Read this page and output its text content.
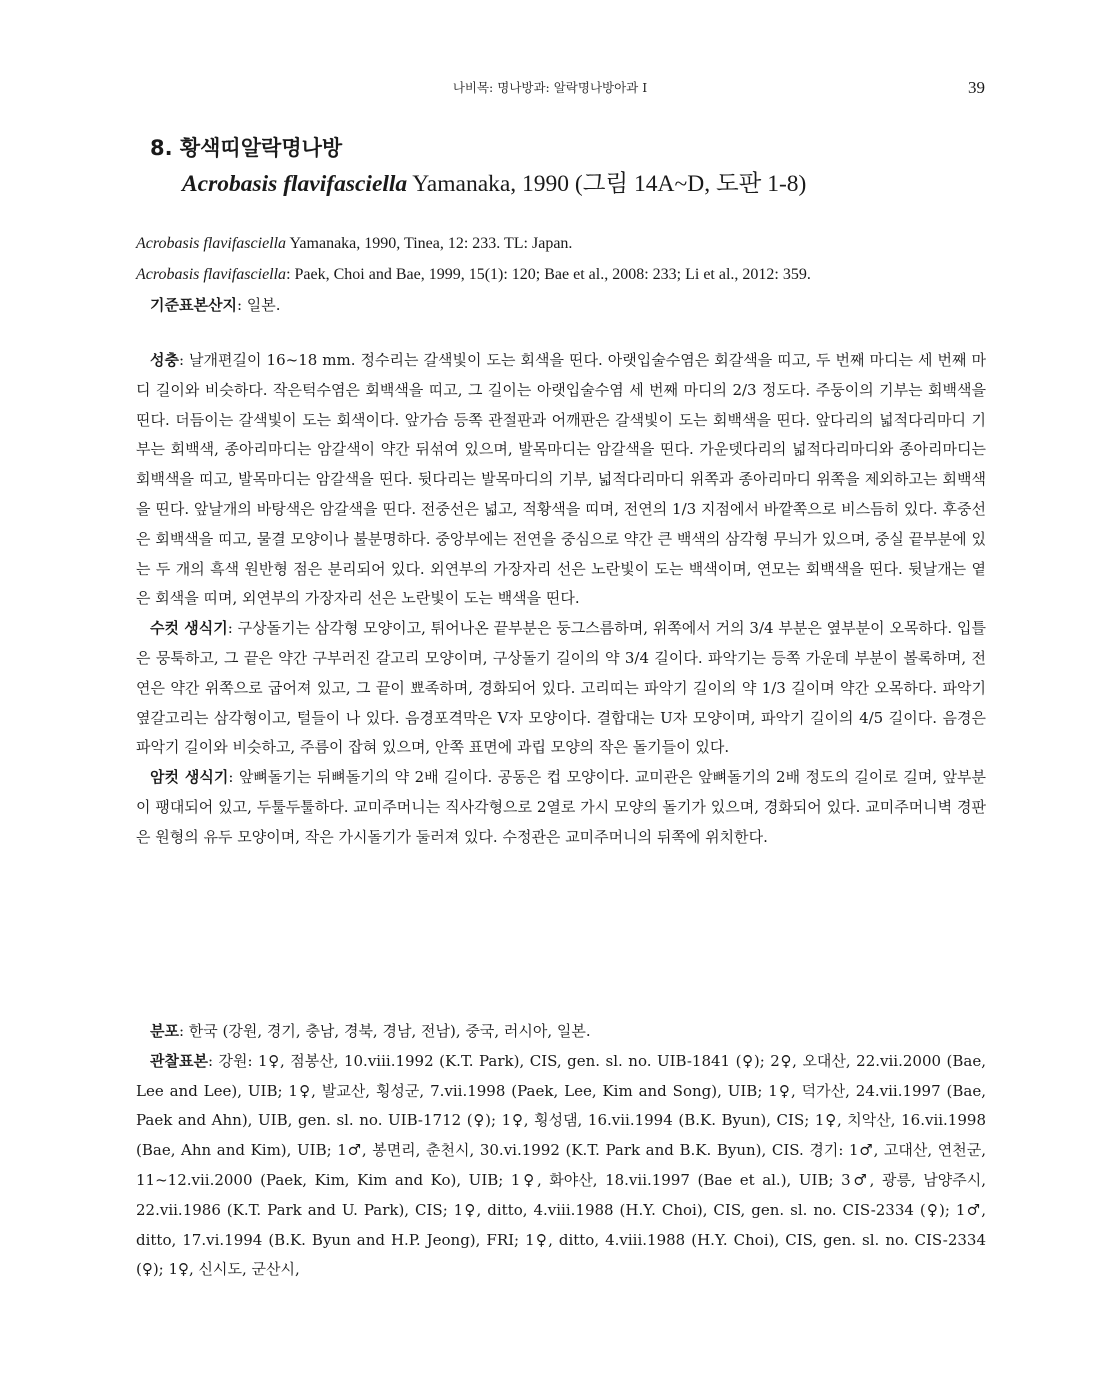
나비목: 명나방과: 알락명나방아과 I	39
8. 황색띠알락명나방
Acrobasis flavifasciella Yamanaka, 1990 (그림 14A~D, 도판 1-8)
Acrobasis flavifasciella Yamanaka, 1990, Tinea, 12: 233. TL: Japan.
Acrobasis flavifasciella: Paek, Choi and Bae, 1999, 15(1): 120; Bae et al., 2008: 233; Li et al., 2012: 359.
기준표본산지: 일본.

성충: 날개편길이 16~18 mm. 정수리는 갈색빛이 도는 회색을 띤다. 아랫입술수염은 회갈색을 띠고, 두 번째 마디는 세 번째 마디 길이와 비슷하다. 작은턱수염은 회백색을 띠고, 그 길이는 아랫입술수염 세 번째 마디의 2/3 정도다. 주둥이의 기부는 회백색을 띤다. 더듬이는 갈색빛이 도는 회색이다. 앞가슴 등쪽 관절판과 어깨판은 갈색빛이 도는 회백색을 띤다. 앞다리의 넓적다리마디 기부는 회백색, 종아리마디는 암갈색이 약간 뒤섞여 있으며, 발목마디는 암갈색을 띤다. 가운뎃다리의 넓적다리마디와 종아리마디는 회백색을 띠고, 발목마디는 암갈색을 띤다. 뒷다리는 발목마디의 기부, 넓적다리마디 위쪽과 종아리마디 위쪽을 제외하고는 회백색을 띤다. 앞날개의 바탕색은 암갈색을 띤다. 전중선은 넓고, 적황색을 띠며, 전연의 1/3 지점에서 바깥쪽으로 비스듬히 있다. 후중선은 회백색을 띠고, 물결 모양이나 불분명하다. 중앙부에는 전연을 중심으로 약간 큰 백색의 삼각형 무늬가 있으며, 중실 끝부분에 있는 두 개의 흑색 원반형 점은 분리되어 있다. 외연부의 가장자리 선은 노란빛이 도는 백색이며, 연모는 회백색을 띤다. 뒷날개는 옅은 회색을 띠며, 외연부의 가장자리 선은 노란빛이 도는 백색을 띤다.

수컷 생식기: 구상돌기는 삼각형 모양이고, 튀어나온 끝부분은 둥그스름하며, 위쪽에서 거의 3/4 부분은 옆부분이 오목하다. 입틀은 뭉툭하고, 그 끝은 약간 구부러진 갈고리 모양이며, 구상돌기 길이의 약 3/4 길이다. 파악기는 등쪽 가운데 부분이 볼록하며, 전연은 약간 위쪽으로 굽어져 있고, 그 끝이 뾰족하며, 경화되어 있다. 고리띠는 파악기 길이의 약 1/3 길이며 약간 오목하다. 파악기 옆갈고리는 삼각형이고, 털들이 나 있다. 음경포격막은 V자 모양이다. 결합대는 U자 모양이며, 파악기 길이의 4/5 길이다. 음경은 파악기 길이와 비슷하고, 주름이 잡혀 있으며, 안쪽 표면에 과립 모양의 작은 돌기들이 있다.

암컷 생식기: 앞뼈돌기는 뒤뼈돌기의 약 2배 길이다. 공동은 컵 모양이다. 교미관은 앞뼈돌기의 2배 정도의 길이로 길며, 앞부분이 팽대되어 있고, 두툴두툴하다. 교미주머니는 직사각형으로 2열로 가시 모양의 돌기가 있으며, 경화되어 있다. 교미주머니벽 경판은 원형의 유두 모양이며, 작은 가시돌기가 둘러져 있다. 수정관은 교미주머니의 뒤쪽에 위치한다.

분포: 한국 (강원, 경기, 충남, 경북, 경남, 전남), 중국, 러시아, 일본.

관찰표본: 강원: 1♀, 점봉산, 10.viii.1992 (K.T. Park), CIS, gen. sl. no. UIB-1841 (♀); 2♀, 오대산, 22.vii.2000 (Bae, Lee and Lee), UIB; 1♀, 발교산, 횡성군, 7.vii.1998 (Paek, Lee, Kim and Song), UIB; 1♀, 덕가산, 24.vii.1997 (Bae, Paek and Ahn), UIB, gen. sl. no. UIB-1712 (♀); 1♀, 횡성댐, 16.vii.1994 (B.K. Byun), CIS; 1♀, 치악산, 16.vii.1998 (Bae, Ahn and Kim), UIB; 1♂, 봉면리, 춘천시, 30.vi.1992 (K.T. Park and B.K. Byun), CIS. 경기: 1♂, 고대산, 연천군, 11~12.vii.2000 (Paek, Kim, Kim and Ko), UIB; 1♀, 화야산, 18.vii.1997 (Bae et al.), UIB; 3♂, 광릉, 남양주시, 22.vii.1986 (K.T. Park and U. Park), CIS; 1♀, ditto, 4.viii.1988 (H.Y. Choi), CIS, gen. sl. no. CIS-2334 (♀); 1♂, ditto, 17.vi.1994 (B.K. Byun and H.P. Jeong), FRI; 1♀, ditto, 4.viii.1988 (H.Y. Choi), CIS, gen. sl. no. CIS-2334 (♀); 1♀, 신시도, 군산시,
